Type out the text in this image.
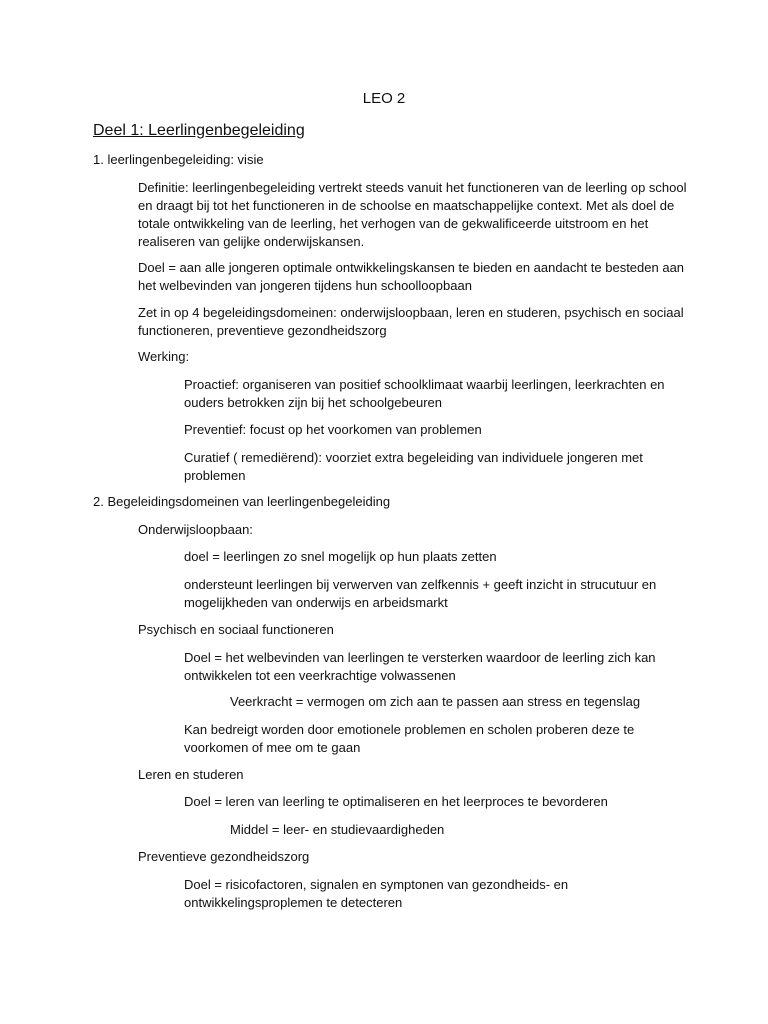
LEO 2
Deel 1: Leerlingenbegeleiding

1. leerlingenbegeleiding: visie

Definitie: leerlingenbegeleiding vertrekt steeds vanuit het functioneren van de leerling op school en draagt bij tot het functioneren in de schoolse en maatschappelijke context. Met als doel de totale ontwikkeling van de leerling, het verhogen van de gekwalificeerde uitstroom en het realiseren van gelijke onderwijskansen.

Doel = aan alle jongeren optimale ontwikkelingskansen te bieden en aandacht te besteden aan het welbevinden van jongeren tijdens hun schoolloopbaan

Zet in op 4 begeleidingsdomeinen: onderwijsloopbaan, leren en studeren, psychisch en sociaal functioneren, preventieve gezondheidszorg

Werking:

Proactief: organiseren van positief schoolklimaat waarbij leerlingen, leerkrachten en ouders betrokken zijn bij het schoolgebeuren

Preventief: focust op het voorkomen van problemen

Curatief ( remediërend): voorziet extra begeleiding van individuele jongeren met problemen

2. Begeleidingsdomeinen van leerlingenbegeleiding

Onderwijsloopbaan:

doel = leerlingen zo snel mogelijk op hun plaats zetten

ondersteunt leerlingen bij verwerven van zelfkennis + geeft inzicht in strucutuur en mogelijkheden van onderwijs en arbeidsmarkt

Psychisch en sociaal functioneren

Doel = het welbevinden van leerlingen te versterken waardoor de leerling zich kan ontwikkelen tot een veerkrachtige volwassenen

Veerkracht = vermogen om zich aan te passen aan stress en tegenslag

Kan bedreigt worden door emotionele problemen en scholen proberen deze te voorkomen of mee om te gaan

Leren en studeren

Doel = leren van leerling te optimaliseren en het leerproces te bevorderen

Middel = leer- en studievaardigheden

Preventieve gezondheidszorg

Doel = risicofactoren, signalen en symptonen van gezondheids- en ontwikkelingsproplemen te detecteren
